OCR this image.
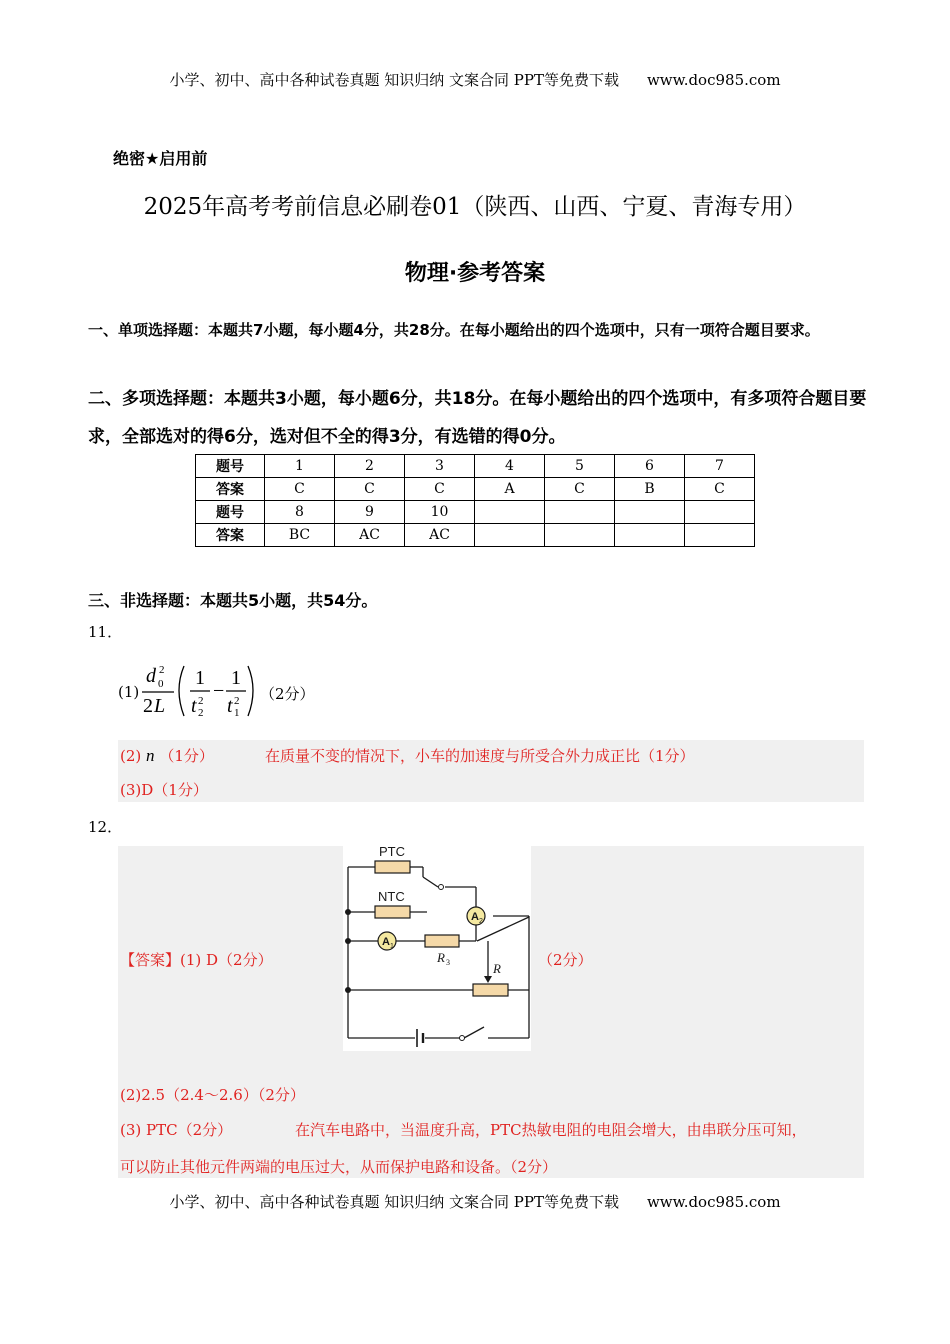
小学、初中、高中各种试卷真题 知识归纳 文案合同 PPT等免费下载 www.doc985.com
绝密★启用前
2025年高考考前信息必刷卷01（陕西、山西、宁夏、青海专用）
物理·参考答案
一、单项选择题：本题共7小题，每小题4分，共28分。在每小题给出的四个选项中，只有一项符合题目要求。
二、多项选择题：本题共3小题，每小题6分，共18分。在每小题给出的四个选项中，有多项符合题目要求，全部选对的得6分，选对但不全的得3分，有选错的得0分。
题号	1	2	3	4	5	6	7
答案	C	C	C	A	C	B	C
题号	8	9	10				
答案	BC	AC	AC				
三、非选择题：本题共5小题，共54分。
11．
(1)
d 2
0
2 L
1
t 2
2
−
1
t 2
1
（2分）
(2) n （1分）	在质量不变的情况下，小车的加速度与所受合外力成正比（1分）
(3)D（1分）
12．
【答案】(1) D（2分）	（2分）
(2)2.5（2.4～2.6）（2分）
(3) PTC（2分）	在汽车电路中，当温度升高，PTC热敏电阻的电阻会增大，由串联分压可知，
可以防止其他元件两端的电压过大，从而保护电路和设备。（2分）
PTC
NTC
A 2
A 1
R 3	R
小学、初中、高中各种试卷真题 知识归纳 文案合同 PPT等免费下载 www.doc985.com
